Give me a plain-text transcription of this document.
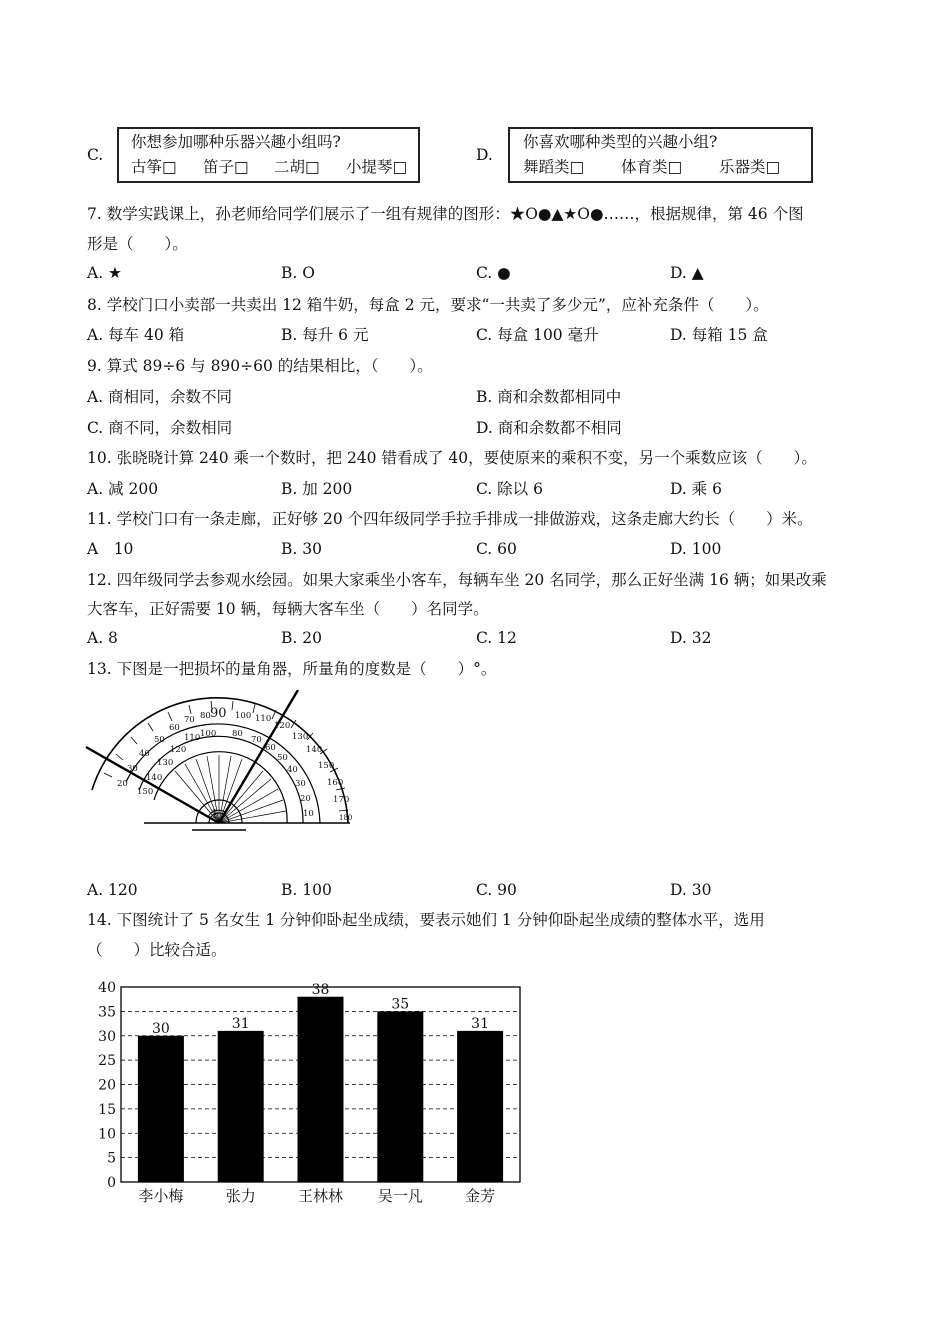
C.
你想参加哪种乐器兴趣小组吗?
古筝□ 笛子□ 二胡□ 小提琴□
D.
你喜欢哪种类型的兴趣小组?
舞蹈类□ 体育类□ 乐器类□
7. 数学实践课上，孙老师给同学们展示了一组有规律的图形：★O●▲★O●……，根据规律，第 46 个图
形是（　　）。
A. ★	B. O	C. ●	D. ▲
8. 学校门口小卖部一共卖出 12 箱牛奶，每盒 2 元，要求“一共卖了多少元”，应补充条件（　　）。
A. 每车 40 箱	B. 每升 6 元	C. 每盒 100 毫升	D. 每箱 15 盒
9. 算式 89÷6 与 890÷60 的结果相比，（　　）。
A. 商相同，余数不同	B. 商和余数都相同中
C. 商不同，余数相同	D. 商和余数都不相同
10. 张晓晓计算 240 乘一个数时，把 240 错看成了 40，要使原来的乘积不变，另一个乘数应该（　　）。
A. 减 200	B. 加 200	C. 除以 6	D. 乘 6
11. 学校门口有一条走廊，正好够 20 个四年级同学手拉手排成一排做游戏，这条走廊大约长（　　）米。
A　10	B. 30	C. 60	D. 100
12. 四年级同学去参观水绘园。如果大家乘坐小客车，每辆车坐 20 名同学，那么正好坐满 16 辆；如果改乘
大客车，正好需要 10 辆，每辆大客车坐（　　）名同学。
A. 8	B. 20	C. 12	D. 32
13. 下图是一把损坏的量角器，所量角的度数是（　　）°。
60
50
40
30
20
70 80	100 110
120
130
140
150
160
170
110
120
130
140
150
100 80
70
60
50
40
30
20
10	180
90
1
A. 120	B. 100	C. 90	D. 30
14. 下图统计了 5 名女生 1 分钟仰卧起坐成绩，要表示她们 1 分钟仰卧起坐成绩的整体水平，选用
（　　）比较合适。
0
5
10
15
20
25
30
35
40
30
李小梅
31
张力
38
王林林
35
吴一凡
31
金芳
